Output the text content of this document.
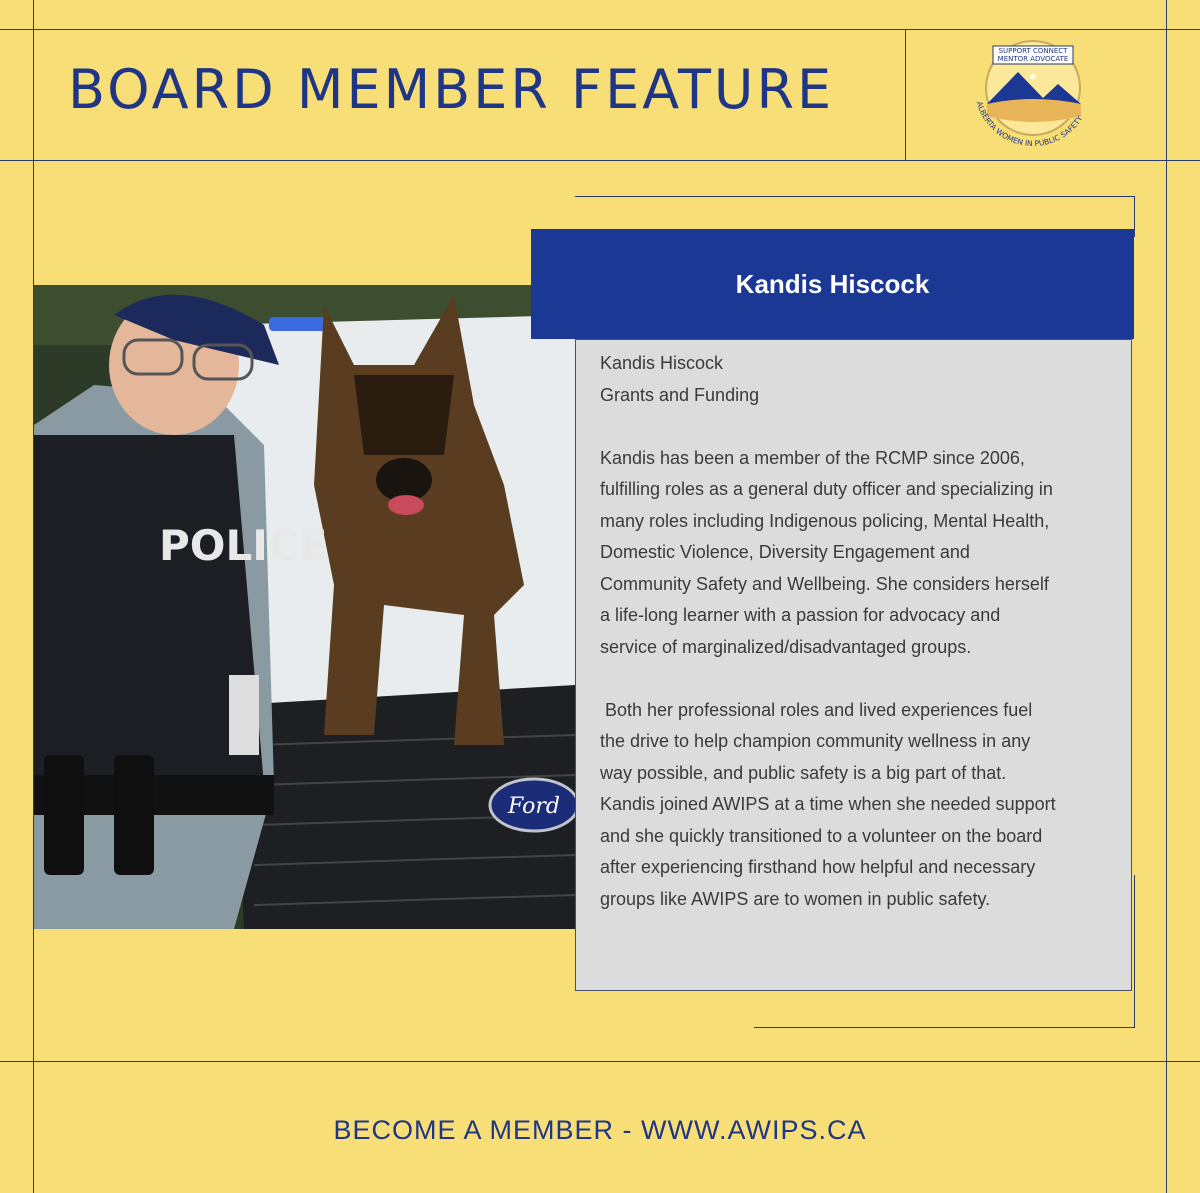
BOARD MEMBER FEATURE
SUPPORT CONNECT
MENTOR ADVOCATE
✱
ALBERTA WOMEN IN PUBLIC SAFETY
Ford
POLICE
Kandis Hiscock

Kandis Hiscock

Grants and Funding

Kandis has been a member of the RCMP since 2006,

fulfilling roles as a general duty officer and specializing in

many roles including Indigenous policing, Mental Health,

Domestic Violence, Diversity Engagement and

Community Safety and Wellbeing. She considers herself

a life-long learner with a passion for advocacy and

service of marginalized/disadvantaged groups.

Both her professional roles and lived experiences fuel

the drive to help champion community wellness in any

way possible, and public safety is a big part of that.

Kandis joined AWIPS at a time when she needed support

and she quickly transitioned to a volunteer on the board

after experiencing firsthand how helpful and necessary

groups like AWIPS are to women in public safety.

BECOME A MEMBER - WWW.AWIPS.CA
